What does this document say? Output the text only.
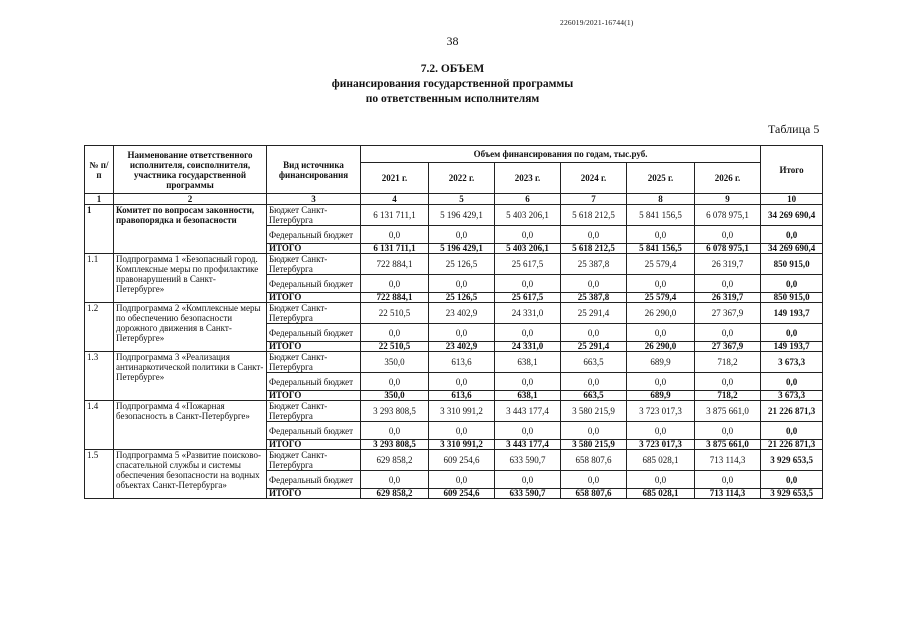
226019/2021-16744(1)
38
7.2. ОБЪЕМ
финансирования государственной программы
по ответственным исполнителям
Таблица 5
№ п/п	Наименование ответственного исполнителя, соисполнителя, участника государственной программы	Вид источника финансирования	Объем финансирования по годам, тыс.руб.						Итого
			2021 г.	2022 г.	2023 г.	2024 г.	2025 г.	2026 г.	
1	2	3	4	5	6	7	8	9	10
1	Комитет по вопросам законности, правопорядка и безопасности	Бюджет Санкт-Петербурга	6 131 711,1	5 196 429,1	5 403 206,1	5 618 212,5	5 841 156,5	6 078 975,1	34 269 690,4
		Федеральный бюджет	0,0	0,0	0,0	0,0	0,0	0,0	0,0
		ИТОГО	6 131 711,1	5 196 429,1	5 403 206,1	5 618 212,5	5 841 156,5	6 078 975,1	34 269 690,4
1.1	Подпрограмма 1 «Безопасный город. Комплексные меры по профилактике правонарушений в Санкт-Петербурге»	Бюджет Санкт-Петербурга	722 884,1	25 126,5	25 617,5	25 387,8	25 579,4	26 319,7	850 915,0
		Федеральный бюджет	0,0	0,0	0,0	0,0	0,0	0,0	0,0
		ИТОГО	722 884,1	25 126,5	25 617,5	25 387,8	25 579,4	26 319,7	850 915,0
1.2	Подпрограмма 2 «Комплексные меры по обеспечению безопасности дорожного движения в Санкт-Петербурге»	Бюджет Санкт-Петербурга	22 510,5	23 402,9	24 331,0	25 291,4	26 290,0	27 367,9	149 193,7
		Федеральный бюджет	0,0	0,0	0,0	0,0	0,0	0,0	0,0
		ИТОГО	22 510,5	23 402,9	24 331,0	25 291,4	26 290,0	27 367,9	149 193,7
1.3	Подпрограмма 3 «Реализация антинаркотической политики в Санкт-Петербурге»	Бюджет Санкт-Петербурга	350,0	613,6	638,1	663,5	689,9	718,2	3 673,3
		Федеральный бюджет	0,0	0,0	0,0	0,0	0,0	0,0	0,0
		ИТОГО	350,0	613,6	638,1	663,5	689,9	718,2	3 673,3
1.4	Подпрограмма 4 «Пожарная безопасность в Санкт-Петербурге»	Бюджет Санкт-Петербурга	3 293 808,5	3 310 991,2	3 443 177,4	3 580 215,9	3 723 017,3	3 875 661,0	21 226 871,3
		Федеральный бюджет	0,0	0,0	0,0	0,0	0,0	0,0	0,0
		ИТОГО	3 293 808,5	3 310 991,2	3 443 177,4	3 580 215,9	3 723 017,3	3 875 661,0	21 226 871,3
1.5	Подпрограмма 5 «Развитие поисково-спасательной службы и системы обеспечения безопасности на водных объектах Санкт-Петербурга»	Бюджет Санкт-Петербурга	629 858,2	609 254,6	633 590,7	658 807,6	685 028,1	713 114,3	3 929 653,5
		Федеральный бюджет	0,0	0,0	0,0	0,0	0,0	0,0	0,0
		ИТОГО	629 858,2	609 254,6	633 590,7	658 807,6	685 028,1	713 114,3	3 929 653,5
